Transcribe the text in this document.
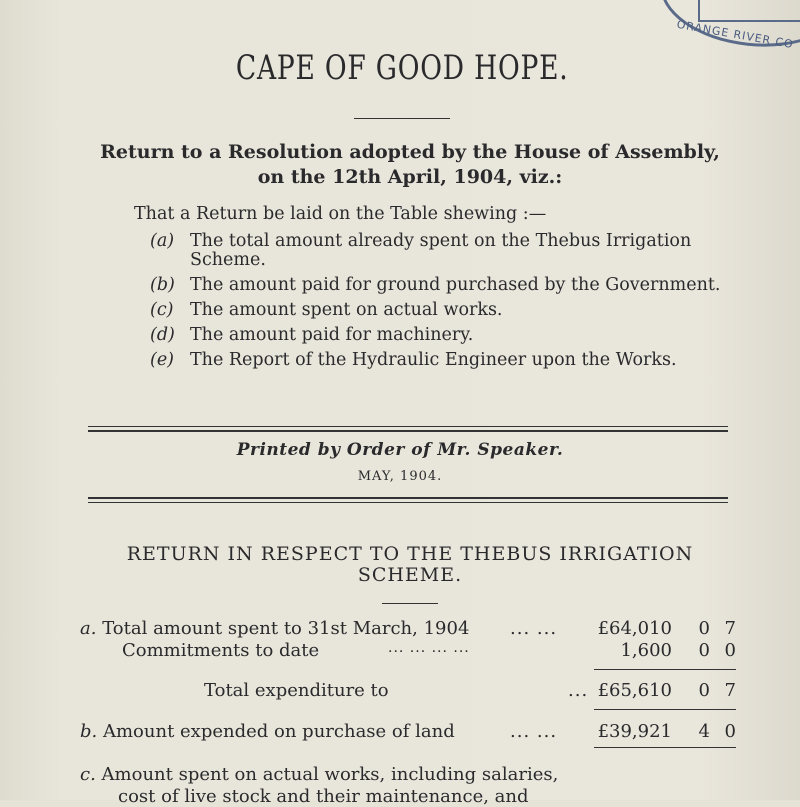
ORANGE RIVER CO
CAPE OF GOOD HOPE.
Return to a Resolution adopted by the House of Assembly,
on the 12th April, 1904, viz.:
That a Return be laid on the Table shewing :—
(a) The total amount already spent on the Thebus Irrigation Scheme.
(b) The amount paid for ground purchased by the Government.
(c) The amount spent on actual works.
(d) The amount paid for machinery.
(e) The Report of the Hydraulic Engineer upon the Works.
Printed by Order of Mr. Speaker.
MAY, 1904.
RETURN IN RESPECT TO THE THEBUS IRRIGATION SCHEME.
a. Total amount spent to 31st March, 1904 ... ... £64,010 0 7
Commitments to date	... ... ... ...	1,600 0 0
Total expenditure to	... £65,610 0 7
b. Amount expended on purchase of land	... ... £39,921 4 0
c. Amount spent on actual works, including salaries,
cost of live stock and their maintenance, and
